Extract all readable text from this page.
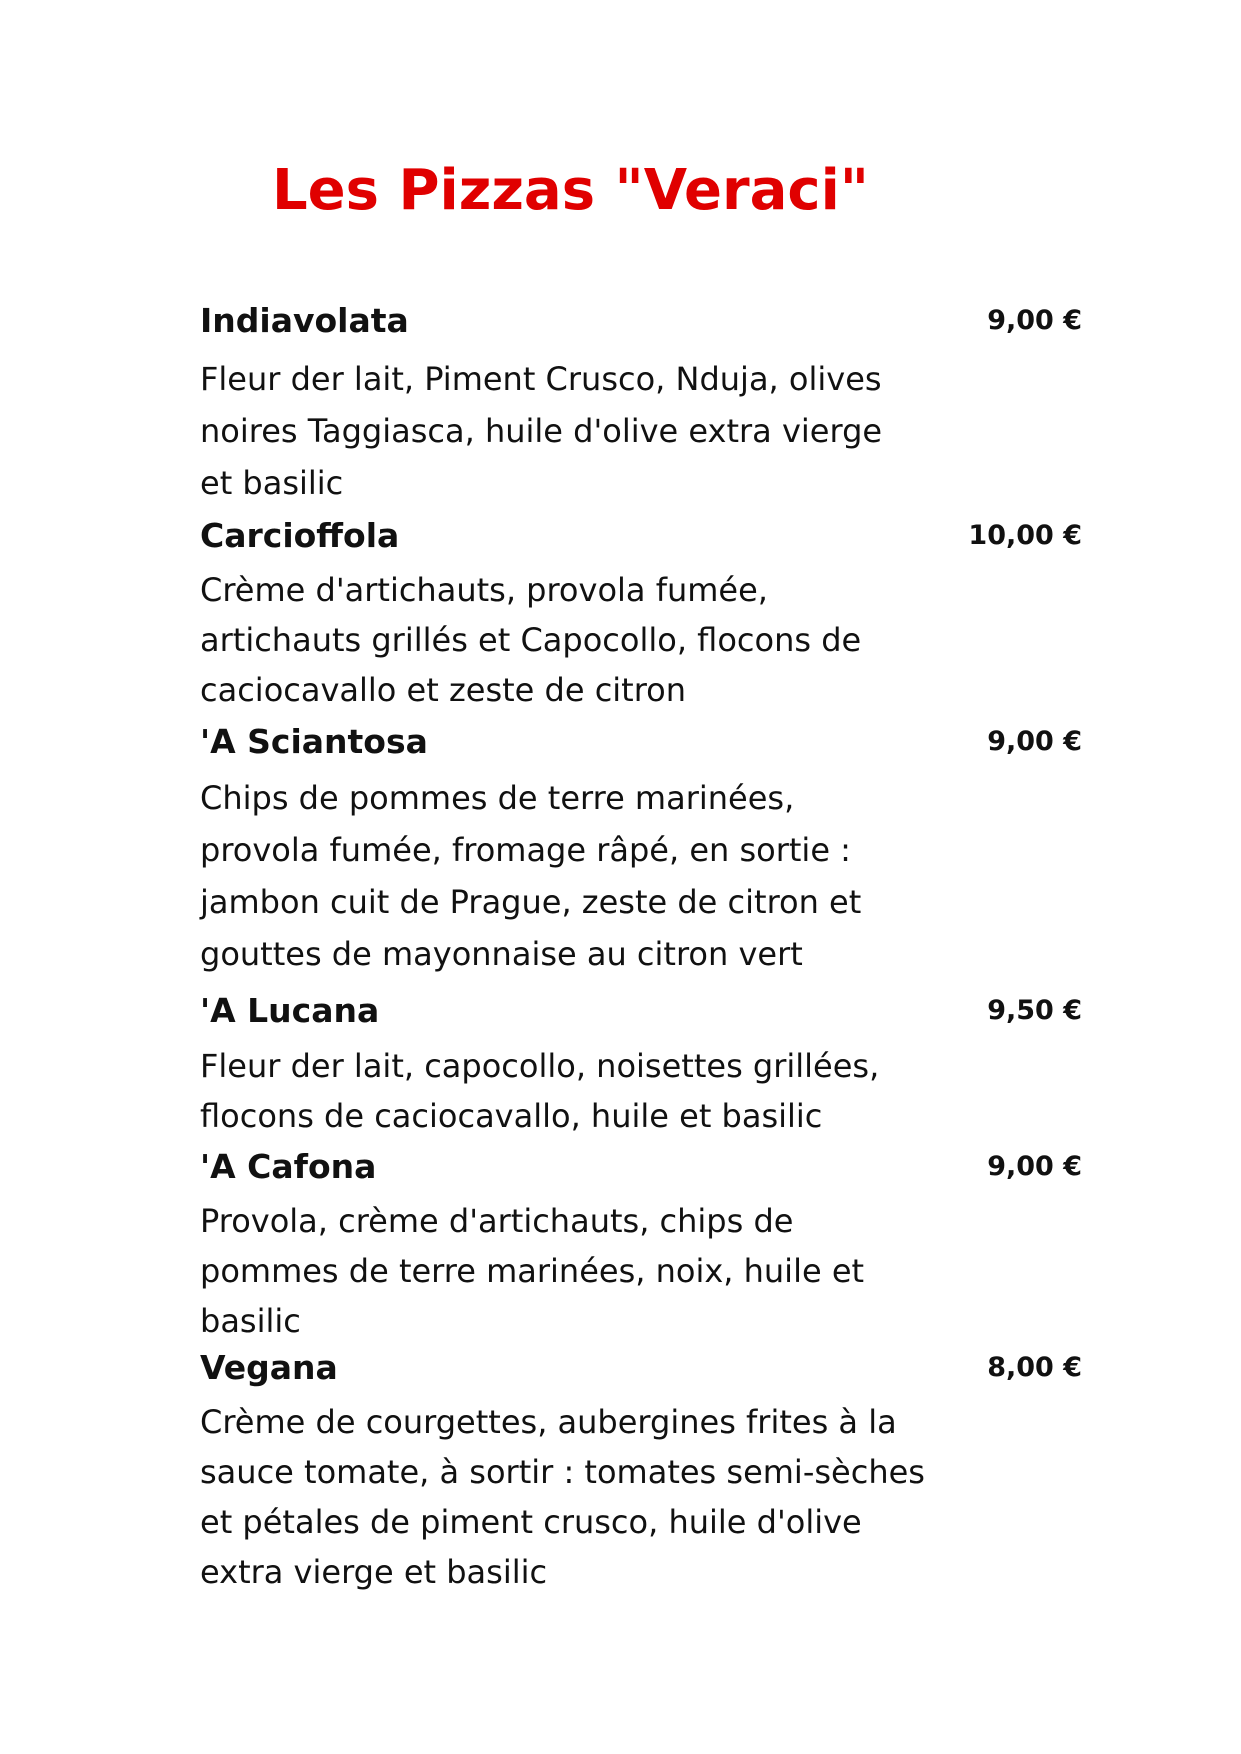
Les Pizzas "Veraci"
Indiavolata	9,00 €
Fleur der lait, Piment Crusco, Nduja, olives
noires Taggiasca, huile d'olive extra vierge
et basilic
Carcioffola	10,00 €
Crème d'artichauts, provola fumée,
artichauts grillés et Capocollo, flocons de
caciocavallo et zeste de citron
'A Sciantosa	9,00 €
Chips de pommes de terre marinées,
provola fumée, fromage râpé, en sortie :
jambon cuit de Prague, zeste de citron et
gouttes de mayonnaise au citron vert
'A Lucana	9,50 €
Fleur der lait, capocollo, noisettes grillées,
flocons de caciocavallo, huile et basilic
'A Cafona	9,00 €
Provola, crème d'artichauts, chips de
pommes de terre marinées, noix, huile et
basilic
Vegana	8,00 €
Crème de courgettes, aubergines frites à la
sauce tomate, à sortir : tomates semi-sèches
et pétales de piment crusco, huile d'olive
extra vierge et basilic
